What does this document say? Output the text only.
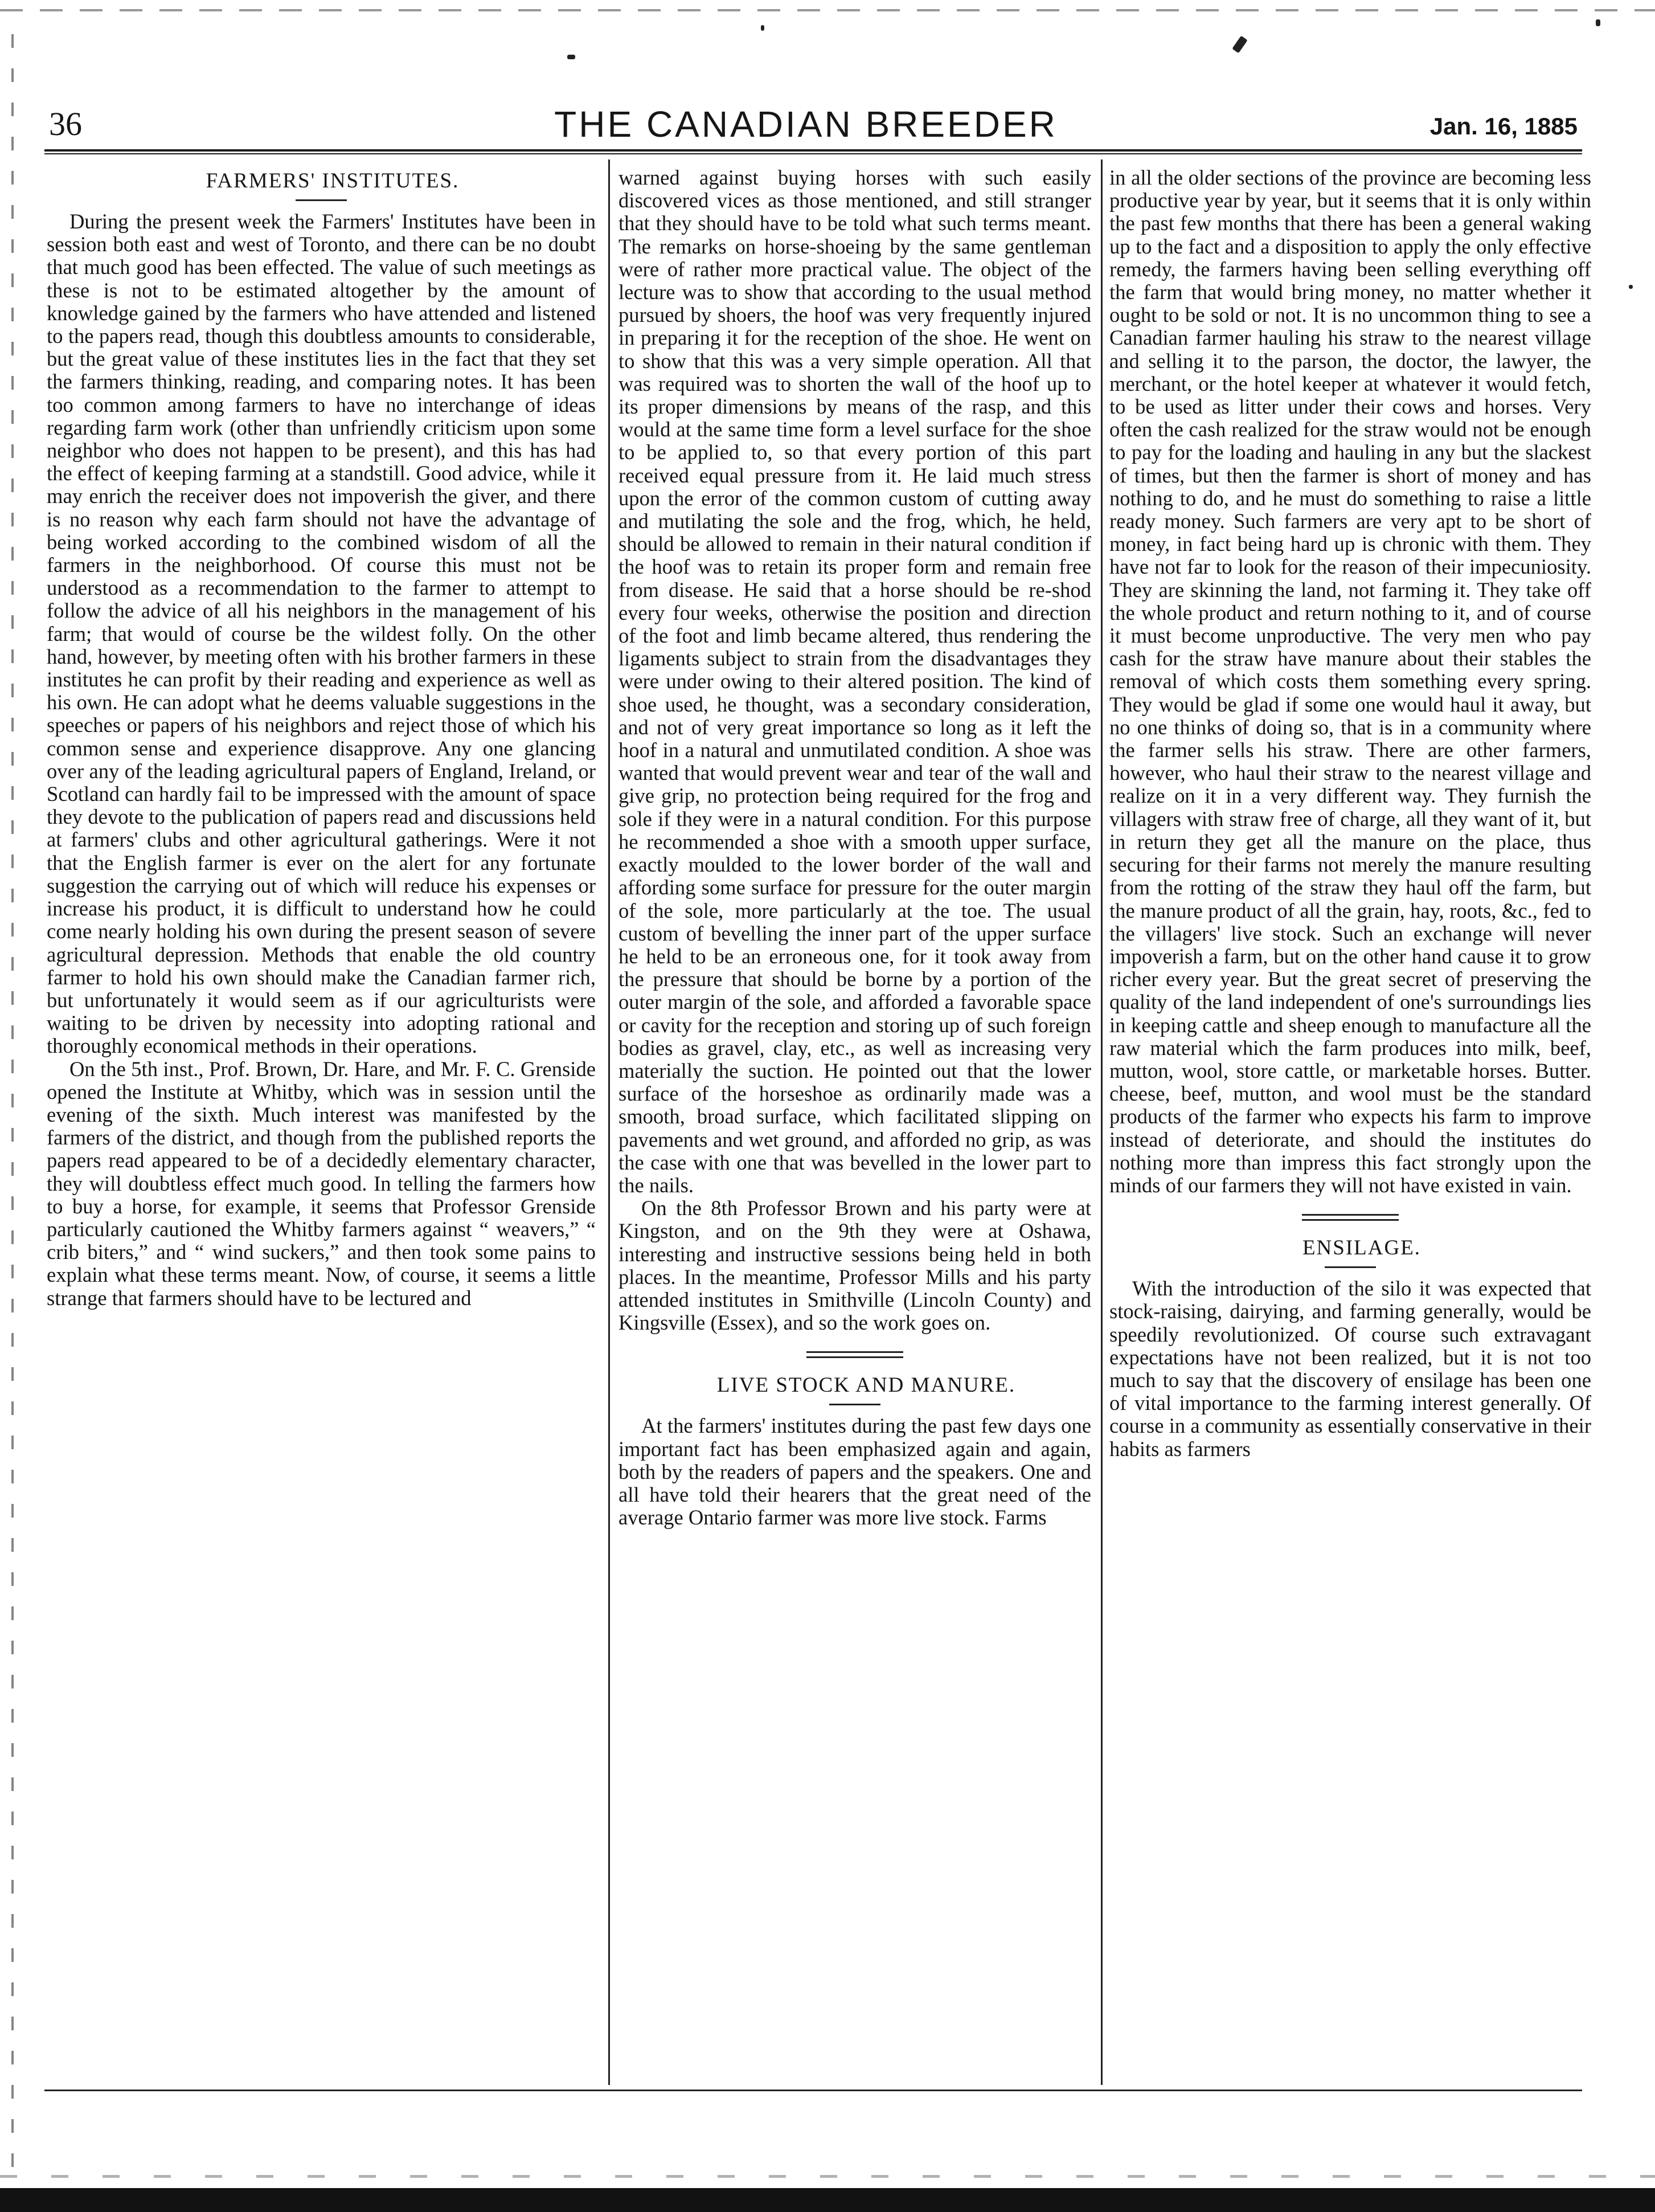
36	THE CANADIAN BREEDER	Jan. 16, 1885

FARMERS' INSTITUTES.

During the present week the Farmers' Institutes have been in session both east and west of Toronto, and there can be no doubt that much good has been effected. The value of such meetings as these is not to be estimated altogether by the amount of knowledge gained by the farmers who have attended and listened to the papers read, though this doubtless amounts to considerable, but the great value of these institutes lies in the fact that they set the farmers thinking, reading, and comparing notes. It has been too common among farmers to have no interchange of ideas regarding farm work (other than unfriendly criticism upon some neighbor who does not happen to be present), and this has had the effect of keeping farming at a standstill. Good advice, while it may enrich the receiver does not impoverish the giver, and there is no reason why each farm should not have the advantage of being worked according to the combined wisdom of all the farmers in the neighborhood. Of course this must not be understood as a recommendation to the farmer to attempt to follow the advice of all his neighbors in the management of his farm; that would of course be the wildest folly. On the other hand, however, by meeting often with his brother farmers in these institutes he can profit by their reading and experience as well as his own. He can adopt what he deems valuable suggestions in the speeches or papers of his neighbors and reject those of which his common sense and experience disapprove. Any one glancing over any of the leading agricultural papers of England, Ireland, or Scotland can hardly fail to be impressed with the amount of space they devote to the publication of papers read and discussions held at farmers' clubs and other agricultural gatherings. Were it not that the English farmer is ever on the alert for any fortunate suggestion the carrying out of which will reduce his expenses or increase his product, it is difficult to understand how he could come nearly holding his own during the present season of severe agricultural depression. Methods that enable the old country farmer to hold his own should make the Canadian farmer rich, but unfortunately it would seem as if our agriculturists were waiting to be driven by necessity into adopting rational and thoroughly economical methods in their operations.

On the 5th inst., Prof. Brown, Dr. Hare, and Mr. F. C. Grenside opened the Institute at Whitby, which was in session until the evening of the sixth. Much interest was manifested by the farmers of the district, and though from the published reports the papers read appeared to be of a decidedly elementary character, they will doubtless effect much good. In telling the farmers how to buy a horse, for example, it seems that Professor Grenside particularly cautioned the Whitby farmers against “ weavers,” “ crib biters,” and “ wind suckers,” and then took some pains to explain what these terms meant. Now, of course, it seems a little strange that farmers should have to be lectured and

warned against buying horses with such easily discovered vices as those mentioned, and still stranger that they should have to be told what such terms meant. The remarks on horse-shoeing by the same gentleman were of rather more practical value. The object of the lecture was to show that according to the usual method pursued by shoers, the hoof was very frequently injured in preparing it for the reception of the shoe. He went on to show that this was a very simple operation. All that was required was to shorten the wall of the hoof up to its proper dimensions by means of the rasp, and this would at the same time form a level surface for the shoe to be applied to, so that every portion of this part received equal pressure from it. He laid much stress upon the error of the common custom of cutting away and mutilating the sole and the frog, which, he held, should be allowed to remain in their natural condition if the hoof was to retain its proper form and remain free from disease. He said that a horse should be re-shod every four weeks, otherwise the position and direction of the foot and limb became altered, thus rendering the ligaments subject to strain from the disadvantages they were under owing to their altered position. The kind of shoe used, he thought, was a secondary consideration, and not of very great importance so long as it left the hoof in a natural and unmutilated condition. A shoe was wanted that would prevent wear and tear of the wall and give grip, no protection being required for the frog and sole if they were in a natural condition. For this purpose he recommended a shoe with a smooth upper surface, exactly moulded to the lower border of the wall and affording some surface for pressure for the outer margin of the sole, more particularly at the toe. The usual custom of bevelling the inner part of the upper surface he held to be an erroneous one, for it took away from the pressure that should be borne by a portion of the outer margin of the sole, and afforded a favorable space or cavity for the reception and storing up of such foreign bodies as gravel, clay, etc., as well as increasing very materially the suction. He pointed out that the lower surface of the horseshoe as ordinarily made was a smooth, broad surface, which facilitated slipping on pavements and wet ground, and afforded no grip, as was the case with one that was bevelled in the lower part to the nails.

On the 8th Professor Brown and his party were at Kingston, and on the 9th they were at Oshawa, interesting and instructive sessions being held in both places. In the meantime, Professor Mills and his party attended institutes in Smithville (Lincoln County) and Kingsville (Essex), and so the work goes on.

LIVE STOCK AND MANURE.

At the farmers' institutes during the past few days one important fact has been emphasized again and again, both by the readers of papers and the speakers. One and all have told their hearers that the great need of the average Ontario farmer was more live stock. Farms

in all the older sections of the province are becoming less productive year by year, but it seems that it is only within the past few months that there has been a general waking up to the fact and a disposition to apply the only effective remedy, the farmers having been selling everything off the farm that would bring money, no matter whether it ought to be sold or not. It is no uncommon thing to see a Canadian farmer hauling his straw to the nearest village and selling it to the parson, the doctor, the lawyer, the merchant, or the hotel keeper at whatever it would fetch, to be used as litter under their cows and horses. Very often the cash realized for the straw would not be enough to pay for the loading and hauling in any but the slackest of times, but then the farmer is short of money and has nothing to do, and he must do something to raise a little ready money. Such farmers are very apt to be short of money, in fact being hard up is chronic with them. They have not far to look for the reason of their impecuniosity. They are skinning the land, not farming it. They take off the whole product and return nothing to it, and of course it must become unproductive. The very men who pay cash for the straw have manure about their stables the removal of which costs them something every spring. They would be glad if some one would haul it away, but no one thinks of doing so, that is in a community where the farmer sells his straw. There are other farmers, however, who haul their straw to the nearest village and realize on it in a very different way. They furnish the villagers with straw free of charge, all they want of it, but in return they get all the manure on the place, thus securing for their farms not merely the manure resulting from the rotting of the straw they haul off the farm, but the manure product of all the grain, hay, roots, &c., fed to the villagers' live stock. Such an exchange will never impoverish a farm, but on the other hand cause it to grow richer every year. But the great secret of preserving the quality of the land independent of one's surroundings lies in keeping cattle and sheep enough to manufacture all the raw material which the farm produces into milk, beef, mutton, wool, store cattle, or marketable horses. Butter. cheese, beef, mutton, and wool must be the standard products of the farmer who expects his farm to improve instead of deteriorate, and should the institutes do nothing more than impress this fact strongly upon the minds of our farmers they will not have existed in vain.

ENSILAGE.

With the introduction of the silo it was expected that stock-raising, dairying, and farming generally, would be speedily revolutionized. Of course such extravagant expectations have not been realized, but it is not too much to say that the discovery of ensilage has been one of vital importance to the farming interest generally. Of course in a community as essentially conservative in their habits as farmers
